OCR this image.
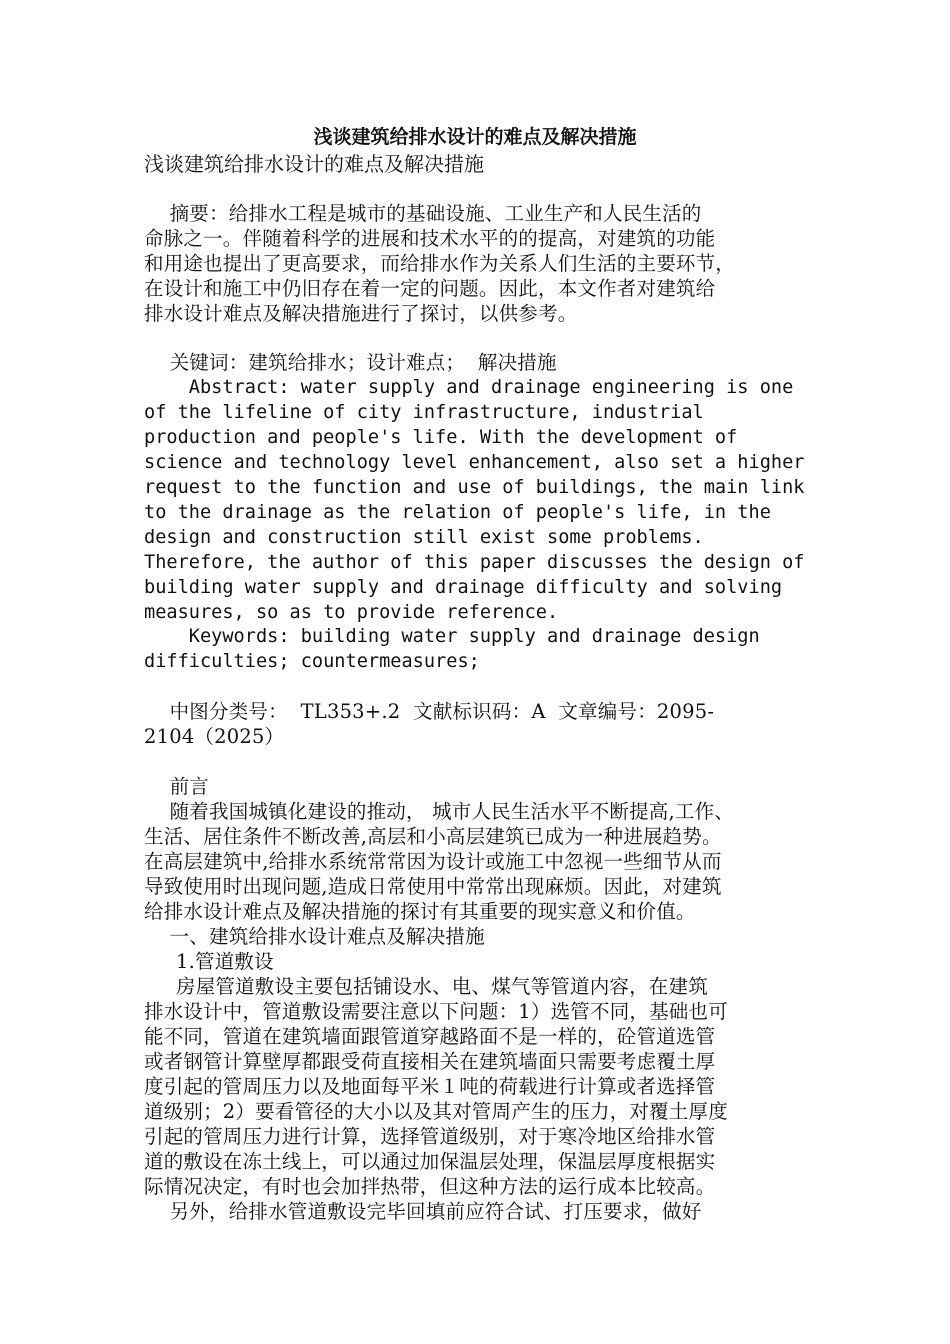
浅谈建筑给排水设计的难点及解决措施
浅谈建筑给排水设计的难点及解决措施
摘要：给排水工程是城市的基础设施、工业生产和人民生活的
命脉之一。伴随着科学的进展和技术水平的的提高，对建筑的功能
和用途也提出了更高要求，而给排水作为关系人们生活的主要环节，
在设计和施工中仍旧存在着一定的问题。因此，本文作者对建筑给
排水设计难点及解决措施进行了探讨，以供参考。
关键词：建筑给排水；设计难点；  解决措施
Abstract: water supply and drainage engineering is one
of the lifeline of city infrastructure, industrial
production and people's life. With the development of
science and technology level enhancement, also set a higher
request to the function and use of buildings, the main link
to the drainage as the relation of people's life, in the
design and construction still exist some problems.
Therefore, the author of this paper discusses the design of
building water supply and drainage difficulty and solving
measures, so as to provide reference.
Keywords: building water supply and drainage design
difficulties; countermeasures;
中图分类号：  TL353+.2  文献标识码：A  文章编号：2095-
2104（2025）
前言
随着我国城镇化建设的推动， 城市人民生活水平不断提高,工作、
生活、居住条件不断改善,高层和小高层建筑已成为一种进展趋势。
在高层建筑中,给排水系统常常因为设计或施工中忽视一些细节从而
导致使用时出现问题,造成日常使用中常常出现麻烦。因此，对建筑
给排水设计难点及解决措施的探讨有其重要的现实意义和价值。
一、建筑给排水设计难点及解决措施
1.管道敷设
房屋管道敷设主要包括铺设水、电、煤气等管道内容，在建筑
排水设计中，管道敷设需要注意以下问题：1）选管不同，基础也可
能不同，管道在建筑墙面跟管道穿越路面不是一样的，砼管道选管
或者钢管计算壁厚都跟受荷直接相关在建筑墙面只需要考虑覆土厚
度引起的管周压力以及地面每平米１吨的荷载进行计算或者选择管
道级别；2）要看管径的大小以及其对管周产生的压力，对覆土厚度
引起的管周压力进行计算，选择管道级别，对于寒冷地区给排水管
道的敷设在冻土线上，可以通过加保温层处理，保温层厚度根据实
际情况决定，有时也会加拌热带，但这种方法的运行成本比较高。
另外，给排水管道敷设完毕回填前应符合试、打压要求，做好
